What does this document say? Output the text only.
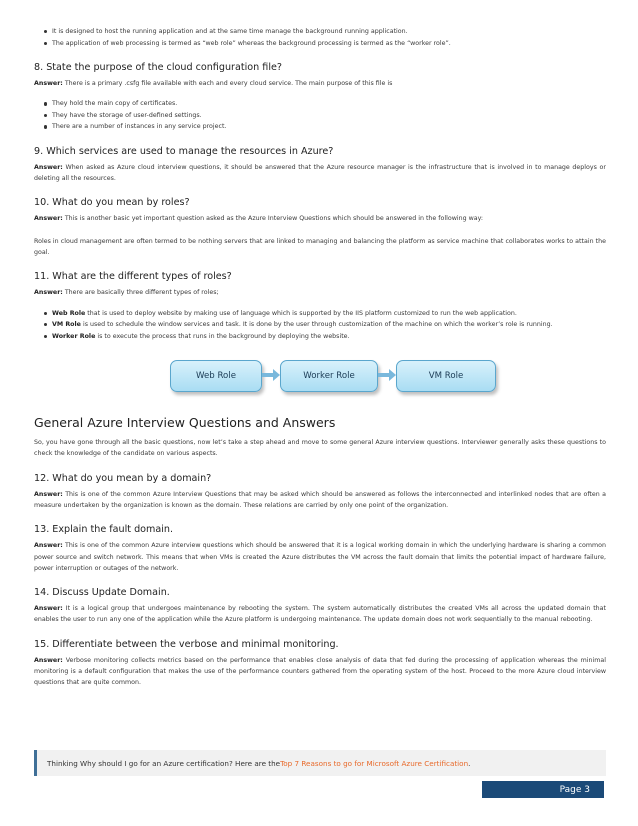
It is designed to host the running application and at the same time manage the background running application.
The application of web processing is termed as “web role” whereas the background processing is termed as the “worker role”.
8. State the purpose of the cloud configuration file?

Answer: There is a primary .csfg file available with each and every cloud service. The main purpose of this file is

They hold the main copy of certificates.
They have the storage of user-defined settings.
There are a number of instances in any service project.
9. Which services are used to manage the resources in Azure?

Answer: When asked as Azure cloud interview questions, it should be answered that the Azure resource manager is the infrastructure that is involved in to manage deploys or deleting all the resources.

10. What do you mean by roles?

Answer: This is another basic yet important question asked as the Azure Interview Questions which should be answered in the following way:

Roles in cloud management are often termed to be nothing servers that are linked to managing and balancing the platform as service machine that collaborates works to attain the goal.

11. What are the different types of roles?

Answer: There are basically three different types of roles;

Web Role that is used to deploy website by making use of language which is supported by the IIS platform customized to run the web application.
VM Role is used to schedule the window services and task. It is done by the user through customization of the machine on which the worker’s role is running.
Worker Role is to execute the process that runs in the background by deploying the website.
Web Role	Worker Role	VM Role
General Azure Interview Questions and Answers

So, you have gone through all the basic questions, now let’s take a step ahead and move to some general Azure interview questions. Interviewer generally asks these questions to check the knowledge of the candidate on various aspects.

12. What do you mean by a domain?

Answer: This is one of the common Azure Interview Questions that may be asked which should be answered as follows the interconnected and interlinked nodes that are often a measure undertaken by the organization is known as the domain. These relations are carried by only one point of the organization.

13. Explain the fault domain.

Answer: This is one of the common Azure interview questions which should be answered that it is a logical working domain in which the underlying hardware is sharing a common power source and switch network. This means that when VMs is created the Azure distributes the VM across the fault domain that limits the potential impact of hardware failure, power interruption or outages of the network.

14. Discuss Update Domain.

Answer: It is a logical group that undergoes maintenance by rebooting the system. The system automatically distributes the created VMs all across the updated domain that enables the user to run any one of the application while the Azure platform is undergoing maintenance. The update domain does not work sequentially to the manual rebooting.

15. Differentiate between the verbose and minimal monitoring.

Answer: Verbose monitoring collects metrics based on the performance that enables close analysis of data that fed during the processing of application whereas the minimal monitoring is a default configuration that makes the use of the performance counters gathered from the operating system of the host. Proceed to the more Azure cloud interview questions that are quite common.

Thinking Why should I go for an Azure certification? Here are the Top 7 Reasons to go for Microsoft Azure Certification .
Page 3
